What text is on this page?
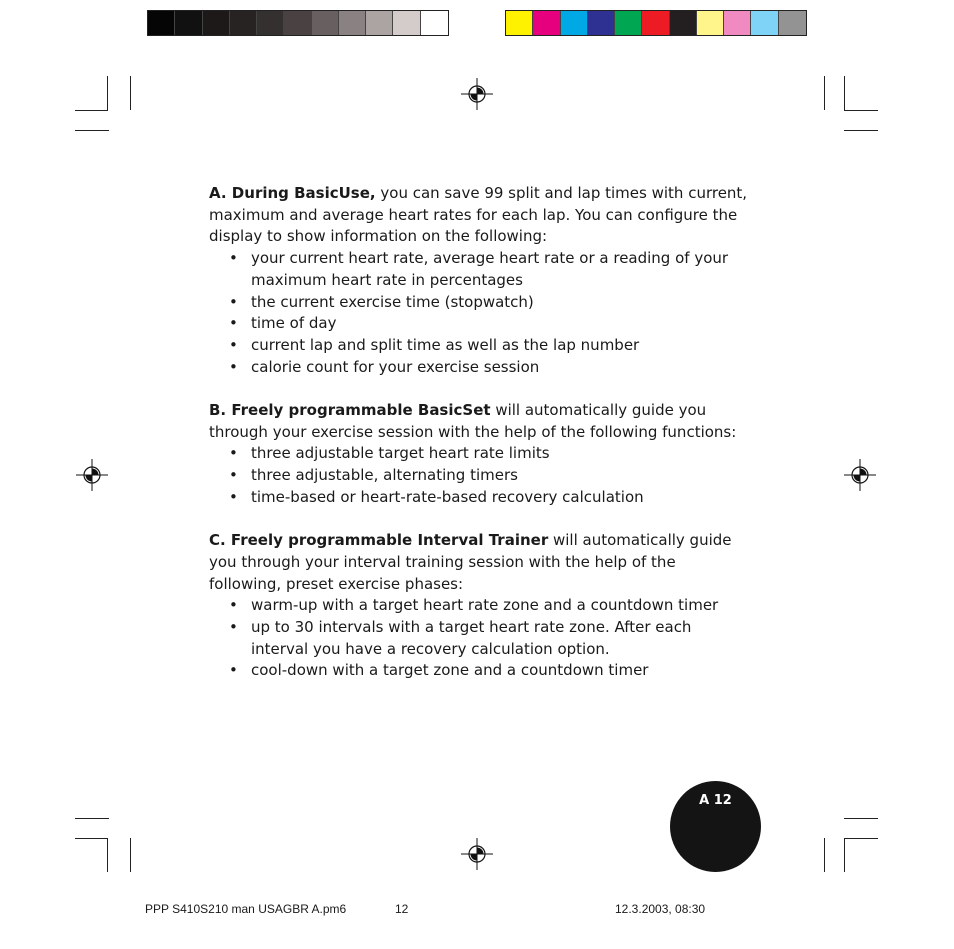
A. During BasicUse, you can save 99 split and lap times with current, maximum and average heart rates for each lap. You can configure the display to show information on the following:

• your current heart rate, average heart rate or a reading of your maximum heart rate in percentages
• the current exercise time (stopwatch)
• time of day
• current lap and split time as well as the lap number
• calorie count for your exercise session

B. Freely programmable BasicSet will automatically guide you through your exercise session with the help of the following functions:

• three adjustable target heart rate limits
• three adjustable, alternating timers
• time-based or heart-rate-based recovery calculation

C. Freely programmable Interval Trainer will automatically guide you through your interval training session with the help of the following, preset exercise phases:

• warm-up with a target heart rate zone and a countdown timer
• up to 30 intervals with a target heart rate zone. After each interval you have a recovery calculation option.
• cool-down with a target zone and a countdown timer
A 12
PPP S410S210 man USAGBR A.pm6	12	12.3.2003, 08:30
